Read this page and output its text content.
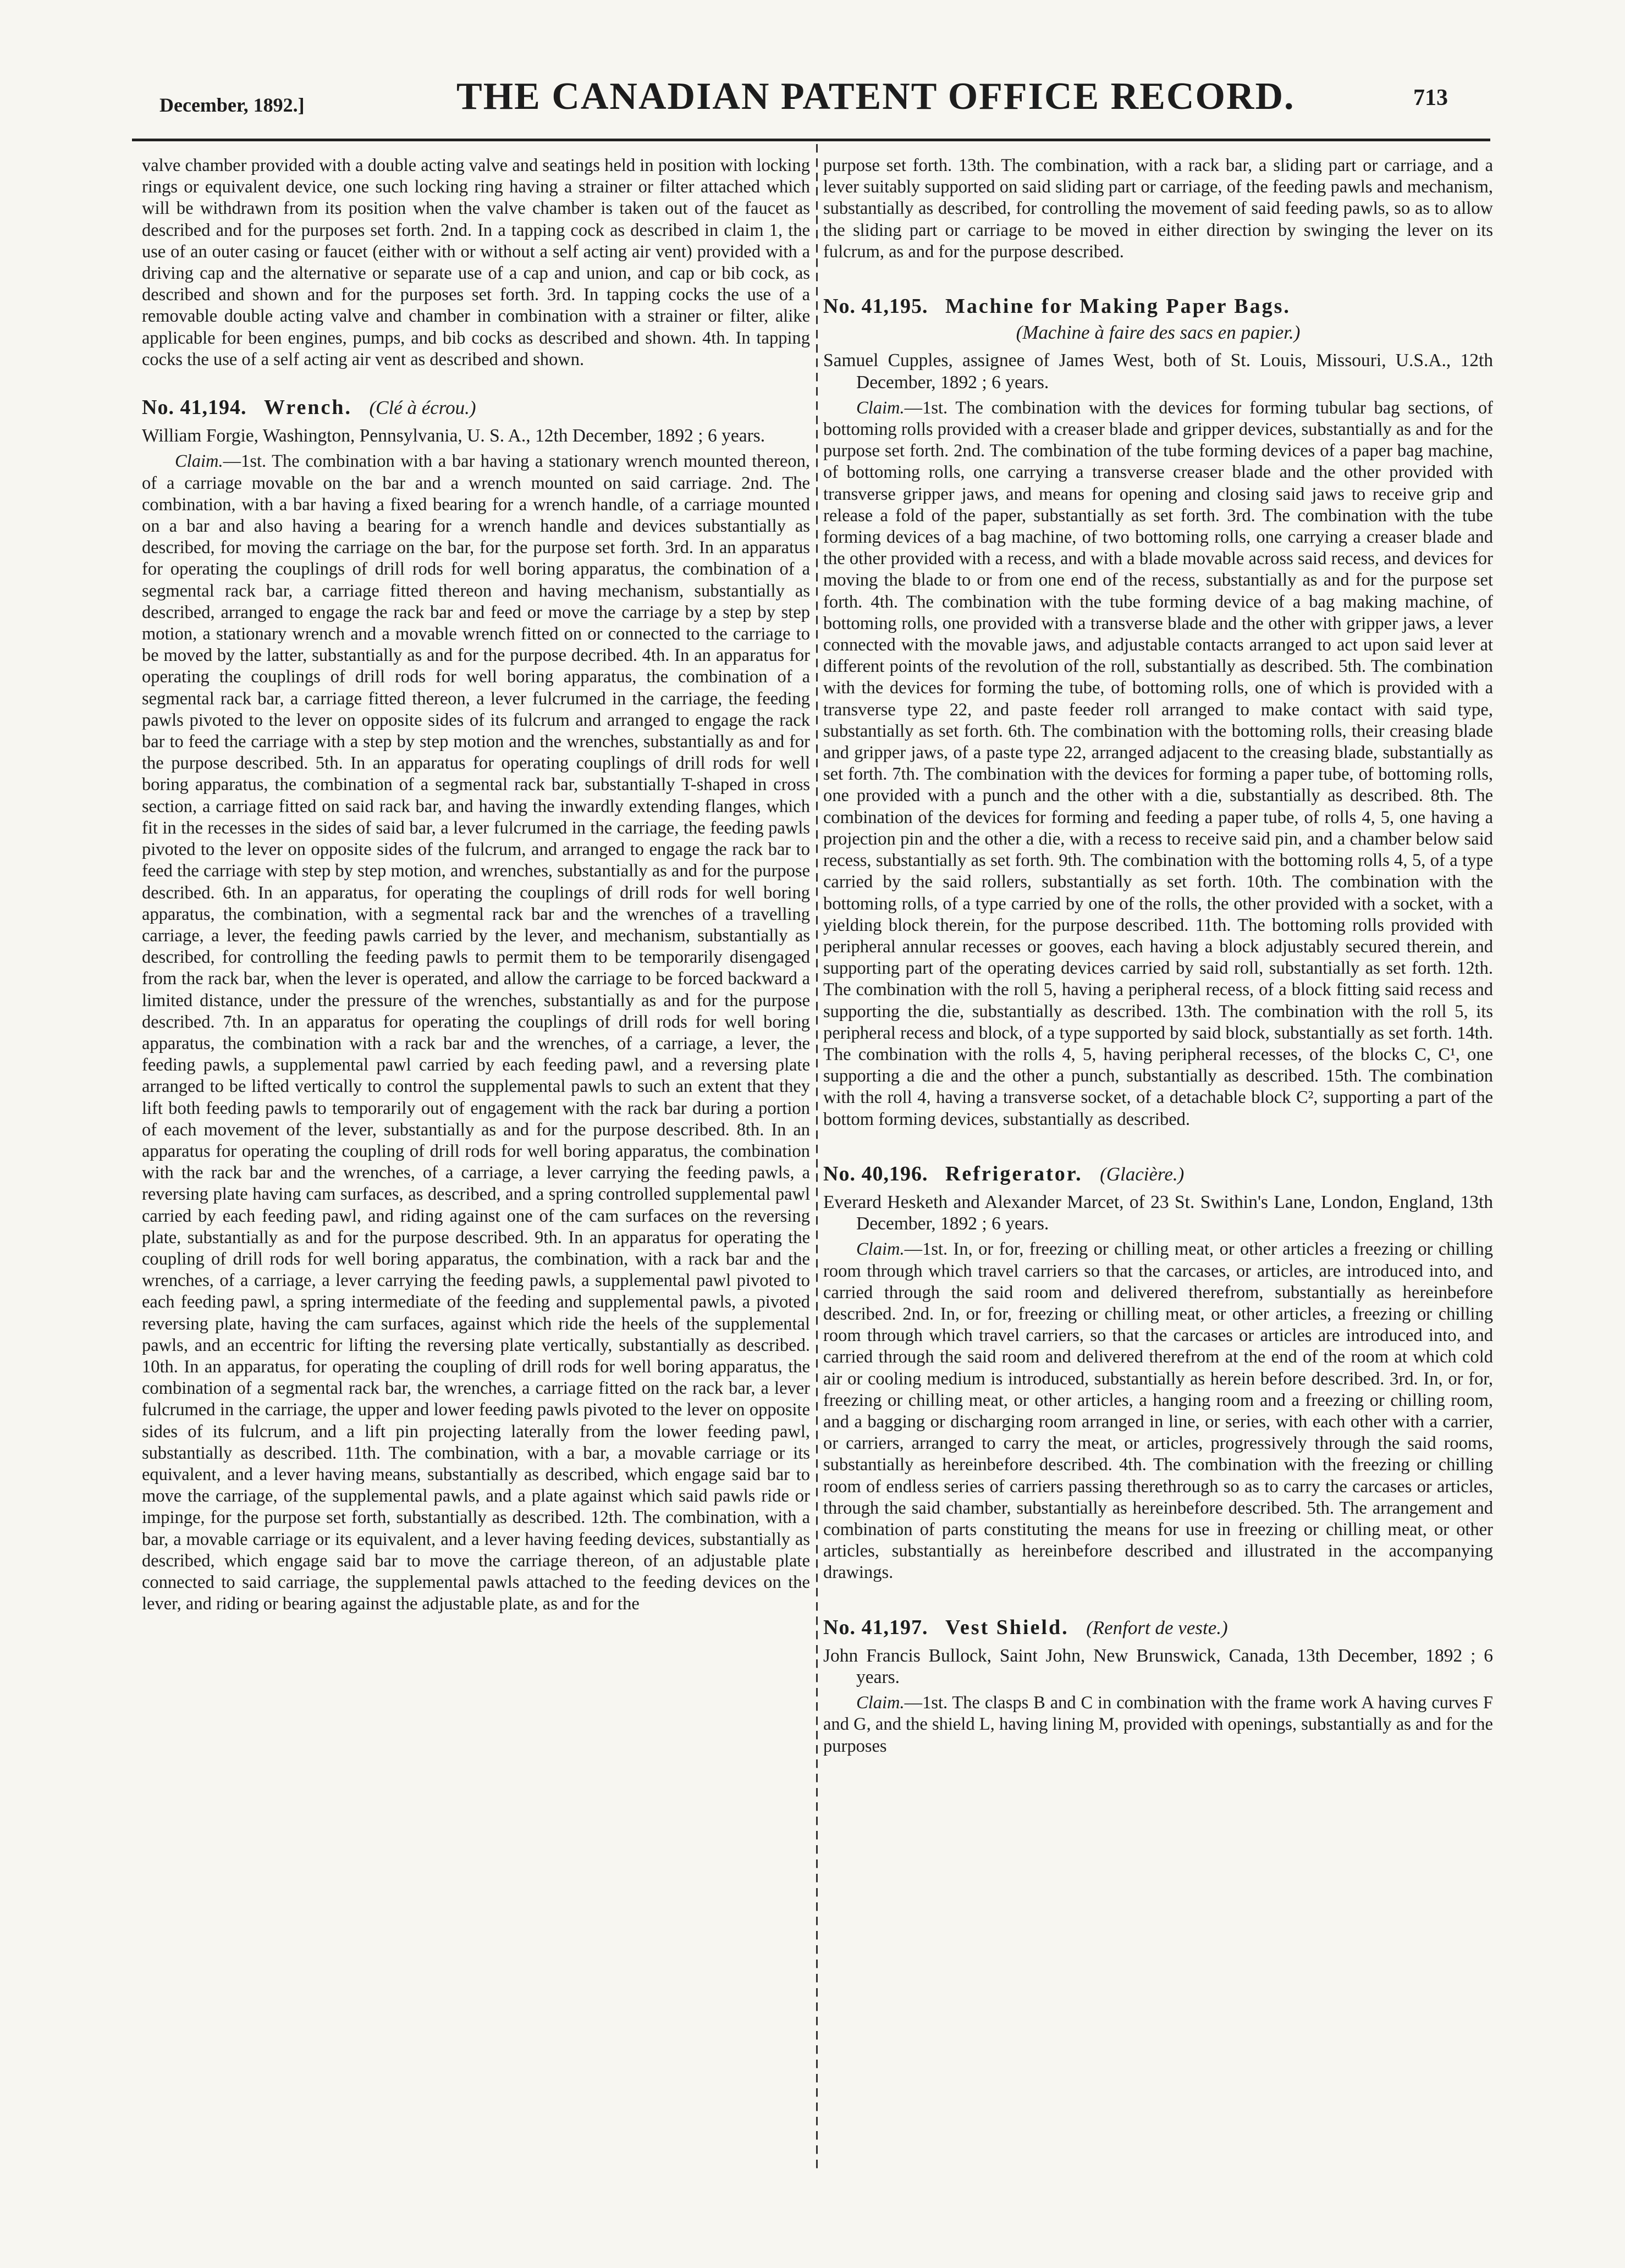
December, 1892.]	THE CANADIAN PATENT OFFICE RECORD.	713

valve chamber provided with a double acting valve and seatings held in position with locking rings or equivalent device, one such locking ring having a strainer or filter attached which will be withdrawn from its position when the valve chamber is taken out of the faucet as described and for the purposes set forth. 2nd. In a tapping cock as described in claim 1, the use of an outer casing or faucet (either with or without a self acting air vent) provided with a driving cap and the alternative or separate use of a cap and union, and cap or bib cock, as described and shown and for the purposes set forth. 3rd. In tapping cocks the use of a removable double acting valve and chamber in combination with a strainer or filter, alike applicable for been engines, pumps, and bib cocks as described and shown. 4th. In tapping cocks the use of a self acting air vent as described and shown.

No. 41,194. Wrench. (Clé à écrou.)

William Forgie, Washington, Pennsylvania, U. S. A., 12th December, 1892 ; 6 years.

Claim.—1st. The combination with a bar having a stationary wrench mounted thereon, of a carriage movable on the bar and a wrench mounted on said carriage. 2nd. The combination, with a bar having a fixed bearing for a wrench handle, of a carriage mounted on a bar and also having a bearing for a wrench handle and devices substantially as described, for moving the carriage on the bar, for the purpose set forth. 3rd. In an apparatus for operating the couplings of drill rods for well boring apparatus, the combination of a segmental rack bar, a carriage fitted thereon and having mechanism, substantially as described, arranged to engage the rack bar and feed or move the carriage by a step by step motion, a stationary wrench and a movable wrench fitted on or connected to the carriage to be moved by the latter, substantially as and for the purpose decribed. 4th. In an apparatus for operating the couplings of drill rods for well boring apparatus, the combination of a segmental rack bar, a carriage fitted thereon, a lever fulcrumed in the carriage, the feeding pawls pivoted to the lever on opposite sides of its fulcrum and arranged to engage the rack bar to feed the carriage with a step by step motion and the wrenches, substantially as and for the purpose described. 5th. In an apparatus for operating couplings of drill rods for well boring apparatus, the combination of a segmental rack bar, substantially T-shaped in cross section, a carriage fitted on said rack bar, and having the inwardly extending flanges, which fit in the recesses in the sides of said bar, a lever fulcrumed in the carriage, the feeding pawls pivoted to the lever on opposite sides of the fulcrum, and arranged to engage the rack bar to feed the carriage with step by step motion, and wrenches, substantially as and for the purpose described. 6th. In an apparatus, for operating the couplings of drill rods for well boring apparatus, the combination, with a segmental rack bar and the wrenches of a travelling carriage, a lever, the feeding pawls carried by the lever, and mechanism, substantially as described, for controlling the feeding pawls to permit them to be temporarily disengaged from the rack bar, when the lever is operated, and allow the carriage to be forced backward a limited distance, under the pressure of the wrenches, substantially as and for the purpose described. 7th. In an apparatus for operating the couplings of drill rods for well boring apparatus, the combination with a rack bar and the wrenches, of a carriage, a lever, the feeding pawls, a supplemental pawl carried by each feeding pawl, and a reversing plate arranged to be lifted vertically to control the supplemental pawls to such an extent that they lift both feeding pawls to temporarily out of engagement with the rack bar during a portion of each movement of the lever, substantially as and for the purpose described. 8th. In an apparatus for operating the coupling of drill rods for well boring apparatus, the combination with the rack bar and the wrenches, of a carriage, a lever carrying the feeding pawls, a reversing plate having cam surfaces, as described, and a spring controlled supplemental pawl carried by each feeding pawl, and riding against one of the cam surfaces on the reversing plate, substantially as and for the purpose described. 9th. In an apparatus for operating the coupling of drill rods for well boring apparatus, the combination, with a rack bar and the wrenches, of a carriage, a lever carrying the feeding pawls, a supplemental pawl pivoted to each feeding pawl, a spring intermediate of the feeding and supplemental pawls, a pivoted reversing plate, having the cam surfaces, against which ride the heels of the supplemental pawls, and an eccentric for lifting the reversing plate vertically, substantially as described. 10th. In an apparatus, for operating the coupling of drill rods for well boring apparatus, the combination of a segmental rack bar, the wrenches, a carriage fitted on the rack bar, a lever fulcrumed in the carriage, the upper and lower feeding pawls pivoted to the lever on opposite sides of its fulcrum, and a lift pin projecting laterally from the lower feeding pawl, substantially as described. 11th. The combination, with a bar, a movable carriage or its equivalent, and a lever having means, substantially as described, which engage said bar to move the carriage, of the supplemental pawls, and a plate against which said pawls ride or impinge, for the purpose set forth, substantially as described. 12th. The combination, with a bar, a movable carriage or its equivalent, and a lever having feeding devices, substantially as described, which engage said bar to move the carriage thereon, of an adjustable plate connected to said carriage, the supplemental pawls attached to the feeding devices on the lever, and riding or bearing against the adjustable plate, as and for the

purpose set forth. 13th. The combination, with a rack bar, a sliding part or carriage, and a lever suitably supported on said sliding part or carriage, of the feeding pawls and mechanism, substantially as described, for controlling the movement of said feeding pawls, so as to allow the sliding part or carriage to be moved in either direction by swinging the lever on its fulcrum, as and for the purpose described.

No. 41,195. Machine for Making Paper Bags.

(Machine à faire des sacs en papier.)

Samuel Cupples, assignee of James West, both of St. Louis, Missouri, U.S.A., 12th December, 1892 ; 6 years.

Claim.—1st. The combination with the devices for forming tubular bag sections, of bottoming rolls provided with a creaser blade and gripper devices, substantially as and for the purpose set forth. 2nd. The combination of the tube forming devices of a paper bag machine, of bottoming rolls, one carrying a transverse creaser blade and the other provided with transverse gripper jaws, and means for opening and closing said jaws to receive grip and release a fold of the paper, substantially as set forth. 3rd. The combination with the tube forming devices of a bag machine, of two bottoming rolls, one carrying a creaser blade and the other provided with a recess, and with a blade movable across said recess, and devices for moving the blade to or from one end of the recess, substantially as and for the purpose set forth. 4th. The combination with the tube forming device of a bag making machine, of bottoming rolls, one provided with a transverse blade and the other with gripper jaws, a lever connected with the movable jaws, and adjustable contacts arranged to act upon said lever at different points of the revolution of the roll, substantially as described. 5th. The combination with the devices for forming the tube, of bottoming rolls, one of which is provided with a transverse type 22, and paste feeder roll arranged to make contact with said type, substantially as set forth. 6th. The combination with the bottoming rolls, their creasing blade and gripper jaws, of a paste type 22, arranged adjacent to the creasing blade, substantially as set forth. 7th. The combination with the devices for forming a paper tube, of bottoming rolls, one provided with a punch and the other with a die, substantially as described. 8th. The combination of the devices for forming and feeding a paper tube, of rolls 4, 5, one having a projection pin and the other a die, with a recess to receive said pin, and a chamber below said recess, substantially as set forth. 9th. The combination with the bottoming rolls 4, 5, of a type carried by the said rollers, substantially as set forth. 10th. The combination with the bottoming rolls, of a type carried by one of the rolls, the other provided with a socket, with a yielding block therein, for the purpose described. 11th. The bottoming rolls provided with peripheral annular recesses or gooves, each having a block adjustably secured therein, and supporting part of the operating devices carried by said roll, substantially as set forth. 12th. The combination with the roll 5, having a peripheral recess, of a block fitting said recess and supporting the die, substantially as described. 13th. The combination with the roll 5, its peripheral recess and block, of a type supported by said block, substantially as set forth. 14th. The combination with the rolls 4, 5, having peripheral recesses, of the blocks C, C¹, one supporting a die and the other a punch, substantially as described. 15th. The combination with the roll 4, having a transverse socket, of a detachable block C², supporting a part of the bottom forming devices, substantially as described.

No. 40,196. Refrigerator. (Glacière.)

Everard Hesketh and Alexander Marcet, of 23 St. Swithin's Lane, London, England, 13th December, 1892 ; 6 years.

Claim.—1st. In, or for, freezing or chilling meat, or other articles a freezing or chilling room through which travel carriers so that the carcases, or articles, are introduced into, and carried through the said room and delivered therefrom, substantially as hereinbefore described. 2nd. In, or for, freezing or chilling meat, or other articles, a freezing or chilling room through which travel carriers, so that the carcases or articles are introduced into, and carried through the said room and delivered therefrom at the end of the room at which cold air or cooling medium is introduced, substantially as herein before described. 3rd. In, or for, freezing or chilling meat, or other articles, a hanging room and a freezing or chilling room, and a bagging or discharging room arranged in line, or series, with each other with a carrier, or carriers, arranged to carry the meat, or articles, progressively through the said rooms, substantially as hereinbefore described. 4th. The combination with the freezing or chilling room of endless series of carriers passing therethrough so as to carry the carcases or articles, through the said chamber, substantially as hereinbefore described. 5th. The arrangement and combination of parts constituting the means for use in freezing or chilling meat, or other articles, substantially as hereinbefore described and illustrated in the accompanying drawings.

No. 41,197. Vest Shield. (Renfort de veste.)

John Francis Bullock, Saint John, New Brunswick, Canada, 13th December, 1892 ; 6 years.

Claim.—1st. The clasps B and C in combination with the frame work A having curves F and G, and the shield L, having lining M, provided with openings, substantially as and for the purposes
